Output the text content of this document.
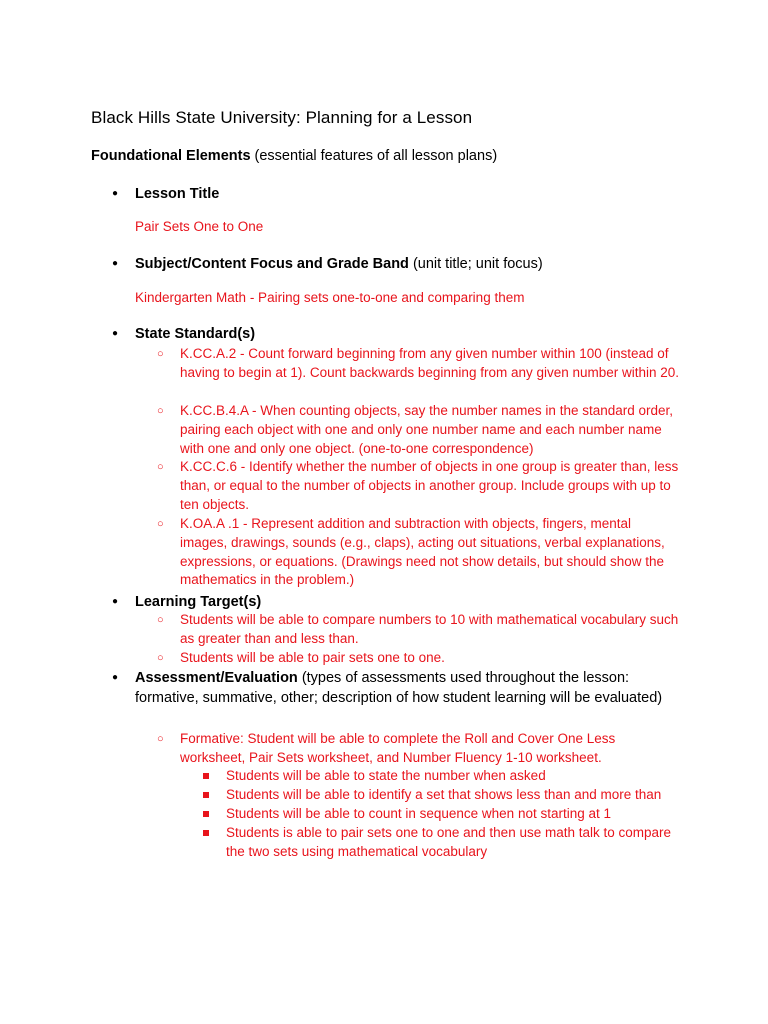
Black Hills State University: Planning for a Lesson

Foundational Elements (essential features of all lesson plans)

● Lesson Title
Pair Sets One to One
● Subject/Content Focus and Grade Band (unit title; unit focus)
Kindergarten Math - Pairing sets one-to-one and comparing them
● State Standard(s)
○ K.CC.A.2 - Count forward beginning from any given number within 100 (instead of having to begin at 1). Count backwards beginning from any given number within 20.
○ K.CC.B.4.A - When counting objects, say the number names in the standard order, pairing each object with one and only one number name and each number name with one and only one object. (one-to-one correspondence)
○ K.CC.C.6 - Identify whether the number of objects in one group is greater than, less than, or equal to the number of objects in another group. Include groups with up to ten objects.
○ K.OA.A .1 - Represent addition and subtraction with objects, fingers, mental images, drawings, sounds (e.g., claps), acting out situations, verbal explanations, expressions, or equations. (Drawings need not show details, but should show the mathematics in the problem.)
● Learning Target(s)
○ Students will be able to compare numbers to 10 with mathematical vocabulary such as greater than and less than.
○ Students will be able to pair sets one to one.
● Assessment/Evaluation (types of assessments used throughout the lesson: formative, summative, other; description of how student learning will be evaluated)
○ Formative: Student will be able to complete the Roll and Cover One Less worksheet, Pair Sets worksheet, and Number Fluency 1-10 worksheet.
Students will be able to state the number when asked
Students will be able to identify a set that shows less than and more than
Students will be able to count in sequence when not starting at 1
Students is able to pair sets one to one and then use math talk to compare the two sets using mathematical vocabulary
